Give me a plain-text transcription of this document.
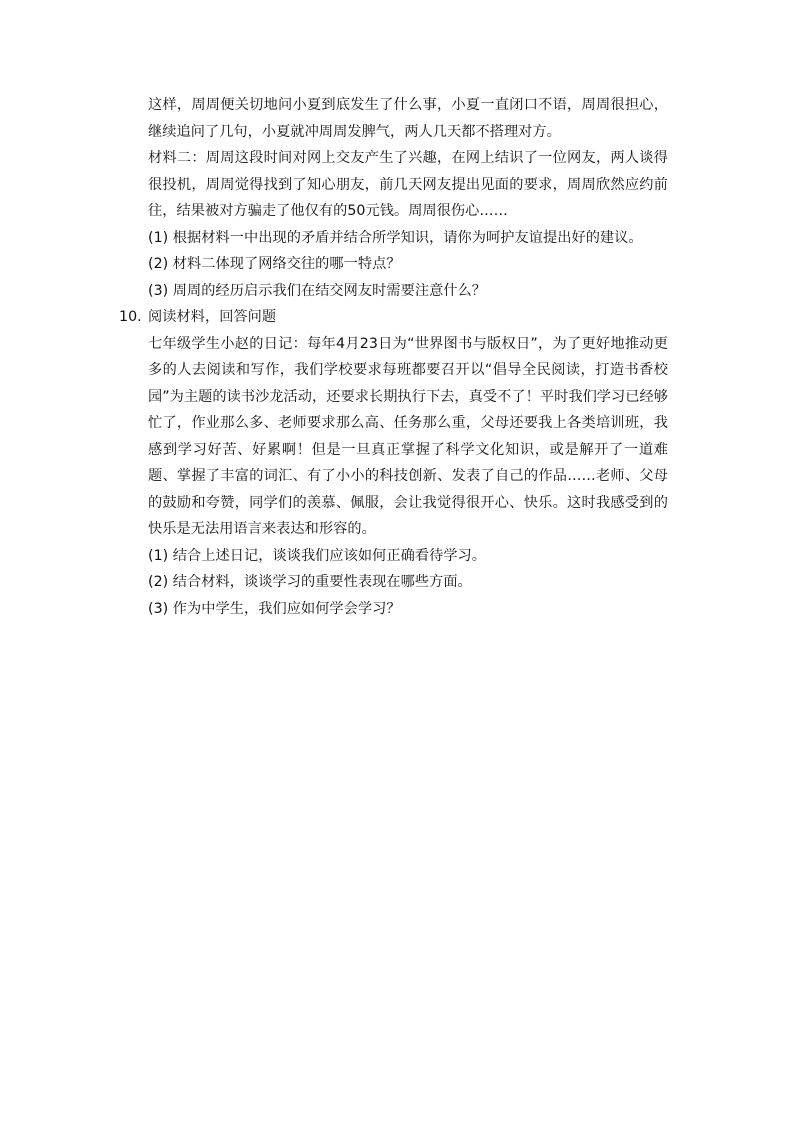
这样，周周便关切地问小夏到底发生了什么事，小夏一直闭口不语，周周很担心，继续追问了几句，小夏就冲周周发脾气，两人几天都不搭理对方。

材料二：周周这段时间对网上交友产生了兴趣，在网上结识了一位网友，两人谈得很投机，周周觉得找到了知心朋友，前几天网友提出见面的要求，周周欣然应约前往，结果被对方骗走了他仅有的50元钱。周周很伤心……

(1) 根据材料一中出现的矛盾并结合所学知识，请你为呵护友谊提出好的建议。

(2) 材料二体现了网络交往的哪一特点？

(3) 周周的经历启示我们在结交网友时需要注意什么？

10. 阅读材料，回答问题

七年级学生小赵的日记：每年4月23日为“世界图书与版权日”，为了更好地推动更多的人去阅读和写作，我们学校要求每班都要召开以“倡导全民阅读，打造书香校园”为主题的读书沙龙活动，还要求长期执行下去，真受不了！平时我们学习已经够忙了，作业那么多、老师要求那么高、任务那么重，父母还要我上各类培训班，我感到学习好苦、好累啊！但是一旦真正掌握了科学文化知识，或是解开了一道难题、掌握了丰富的词汇、有了小小的科技创新、发表了自己的作品……老师、父母的鼓励和夸赞，同学们的羡慕、佩服，会让我觉得很开心、快乐。这时我感受到的快乐是无法用语言来表达和形容的。

(1) 结合上述日记，谈谈我们应该如何正确看待学习。

(2) 结合材料，谈谈学习的重要性表现在哪些方面。

(3) 作为中学生，我们应如何学会学习？
